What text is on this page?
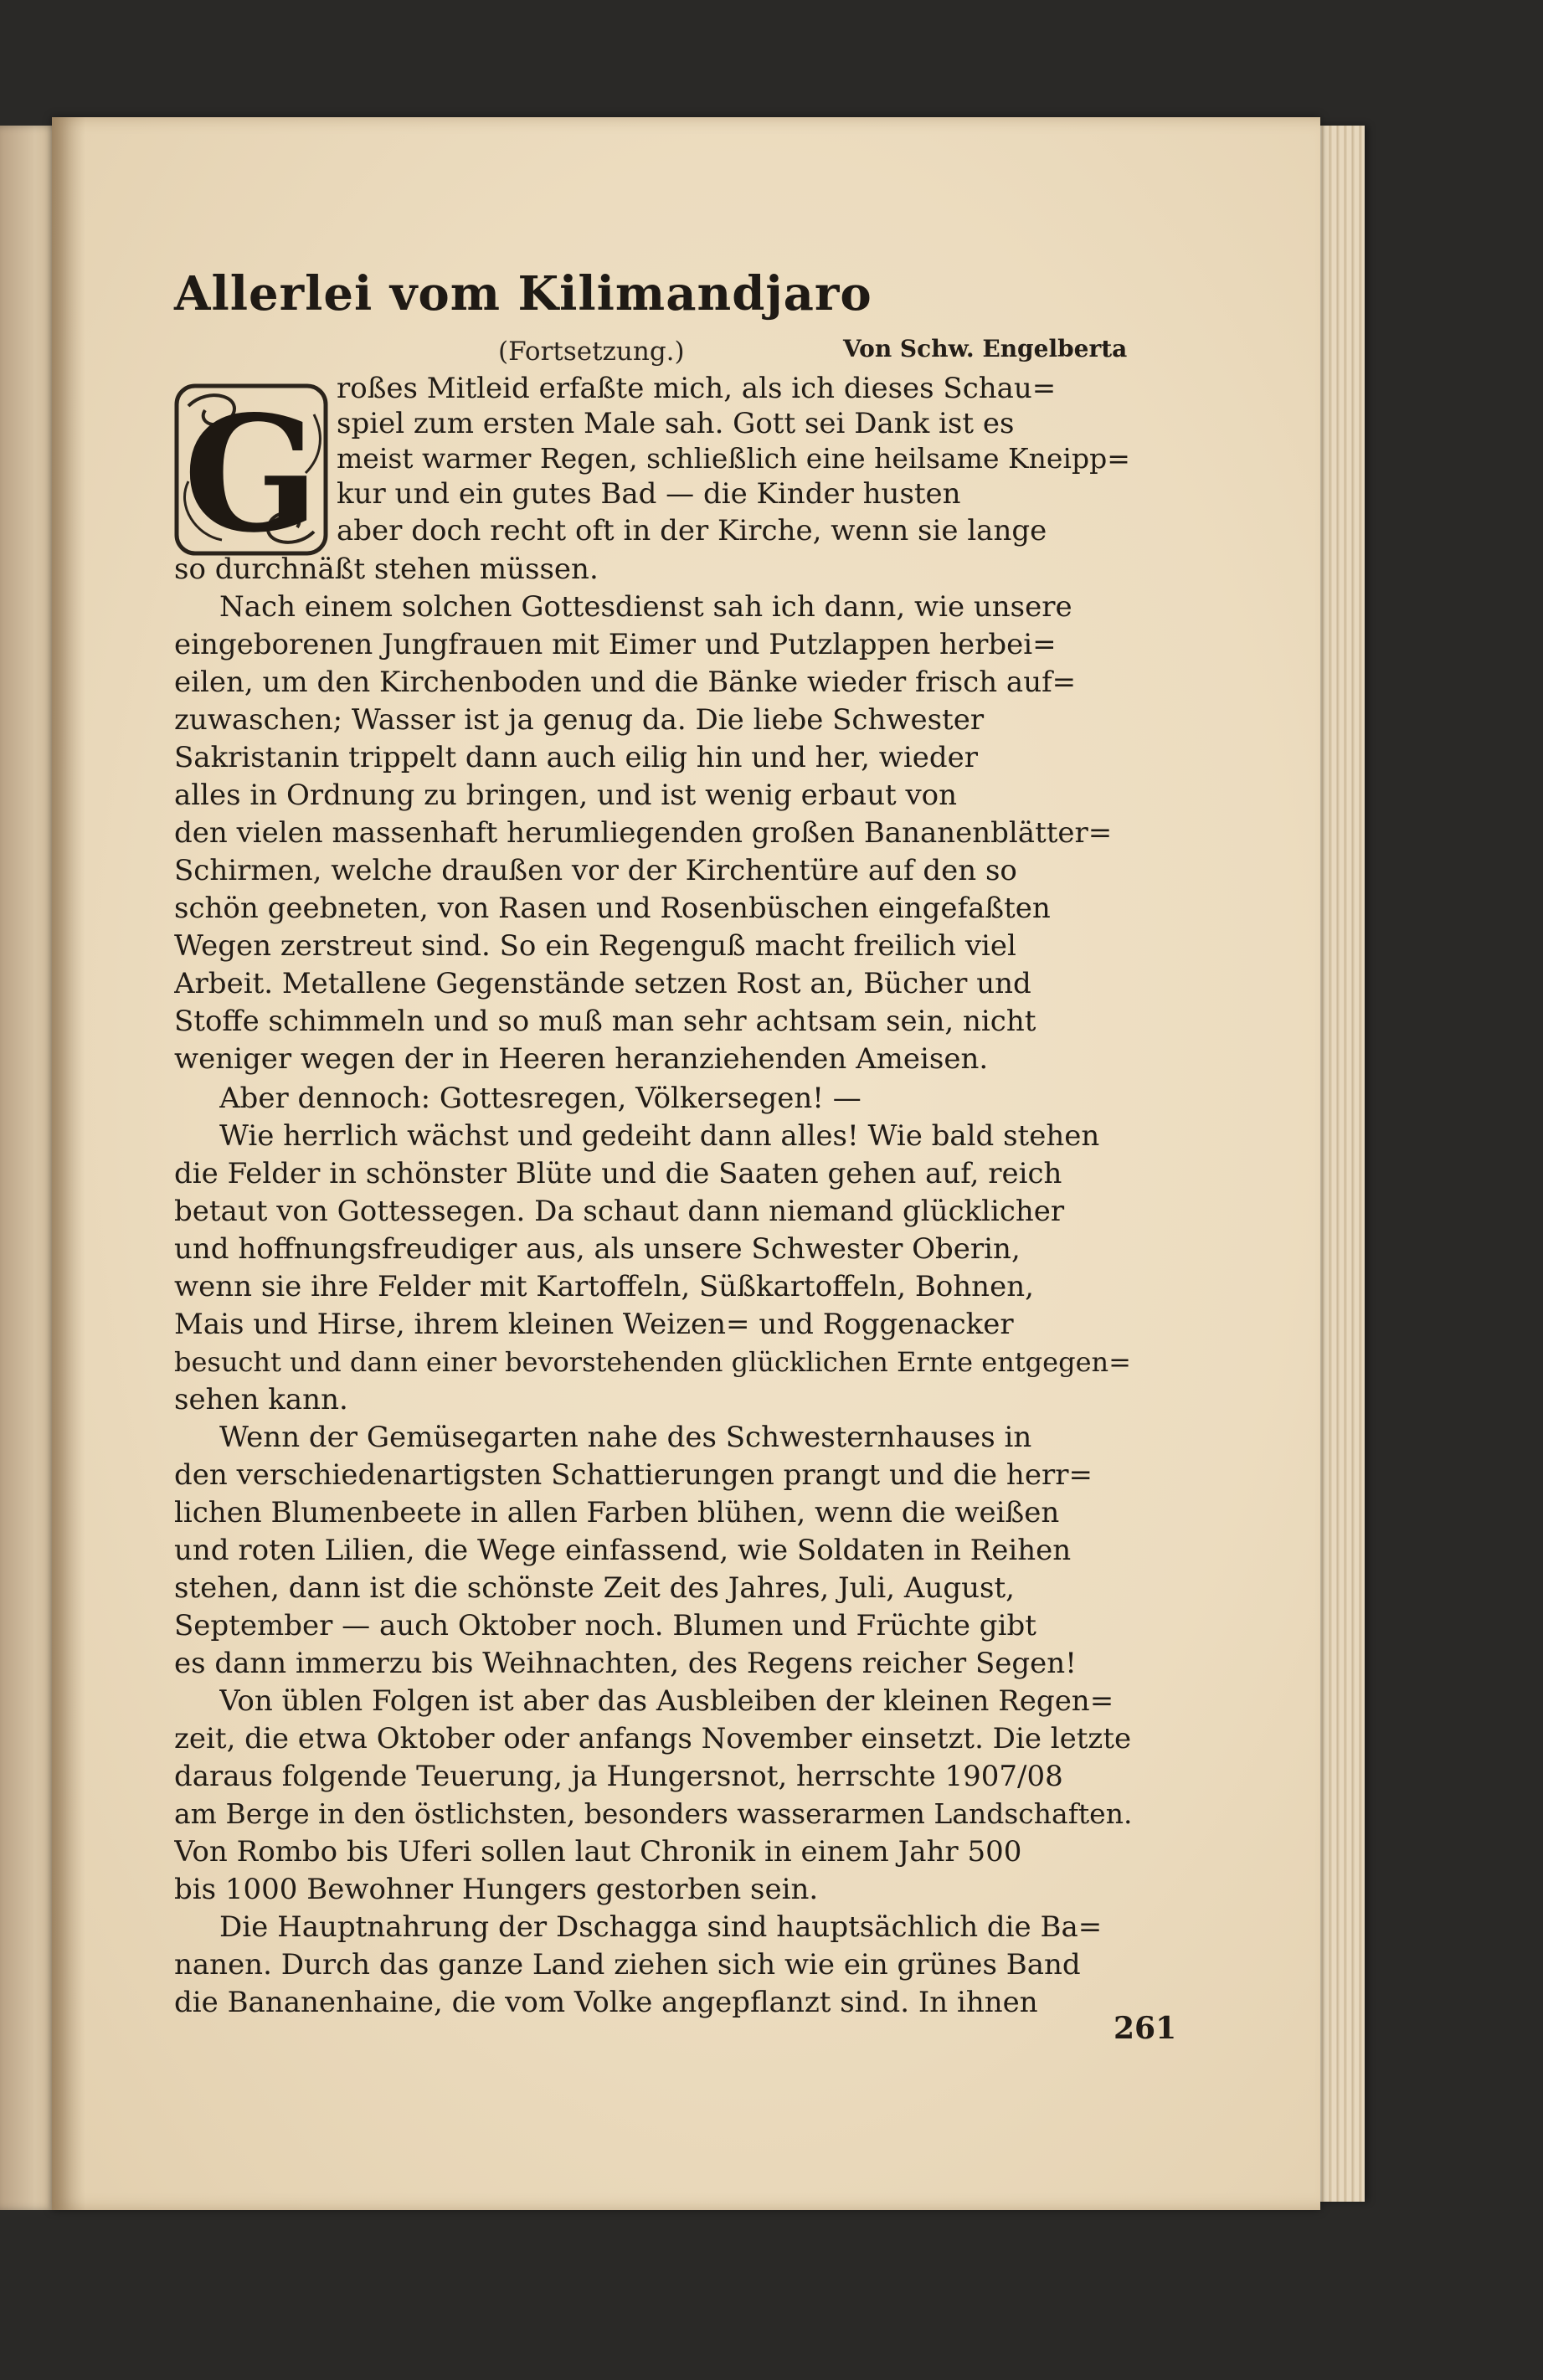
Allerlei vom Kilimandjaro
(Fortsetzung.)	Von Schw. Engelberta
G roßes Mitleid erfaßte mich, als ich dieses Schau=
spiel zum ersten Male sah. Gott sei Dank ist es
meist warmer Regen, schließlich eine heilsame Kneipp=
kur und ein gutes Bad — die Kinder husten
aber doch recht oft in der Kirche, wenn sie lange
so durchnäßt stehen müssen.
Nach einem solchen Gottesdienst sah ich dann, wie unsere
eingeborenen Jungfrauen mit Eimer und Putzlappen herbei=
eilen, um den Kirchenboden und die Bänke wieder frisch auf=
zuwaschen; Wasser ist ja genug da. Die liebe Schwester
Sakristanin trippelt dann auch eilig hin und her, wieder
alles in Ordnung zu bringen, und ist wenig erbaut von
den vielen massenhaft herumliegenden großen Bananenblätter=
Schirmen, welche draußen vor der Kirchentüre auf den so
schön geebneten, von Rasen und Rosenbüschen eingefaßten
Wegen zerstreut sind. So ein Regenguß macht freilich viel
Arbeit. Metallene Gegenstände setzen Rost an, Bücher und
Stoffe schimmeln und so muß man sehr achtsam sein, nicht
weniger wegen der in Heeren heranziehenden Ameisen.
Aber dennoch: Gottesregen, Völkersegen! —
Wie herrlich wächst und gedeiht dann alles! Wie bald stehen
die Felder in schönster Blüte und die Saaten gehen auf, reich
betaut von Gottessegen. Da schaut dann niemand glücklicher
und hoffnungsfreudiger aus, als unsere Schwester Oberin,
wenn sie ihre Felder mit Kartoffeln, Süßkartoffeln, Bohnen,
Mais und Hirse, ihrem kleinen Weizen= und Roggenacker
besucht und dann einer bevorstehenden glücklichen Ernte entgegen=
sehen kann.
Wenn der Gemüsegarten nahe des Schwesternhauses in
den verschiedenartigsten Schattierungen prangt und die herr=
lichen Blumenbeete in allen Farben blühen, wenn die weißen
und roten Lilien, die Wege einfassend, wie Soldaten in Reihen
stehen, dann ist die schönste Zeit des Jahres, Juli, August,
September — auch Oktober noch. Blumen und Früchte gibt
es dann immerzu bis Weihnachten, des Regens reicher Segen!
Von üblen Folgen ist aber das Ausbleiben der kleinen Regen=
zeit, die etwa Oktober oder anfangs November einsetzt. Die letzte
daraus folgende Teuerung, ja Hungersnot, herrschte 1907/08
am Berge in den östlichsten, besonders wasserarmen Landschaften.
Von Rombo bis Uferi sollen laut Chronik in einem Jahr 500
bis 1000 Bewohner Hungers gestorben sein.
Die Hauptnahrung der Dschagga sind hauptsächlich die Ba=
nanen. Durch das ganze Land ziehen sich wie ein grünes Band
die Bananenhaine, die vom Volke angepflanzt sind. In ihnen
261
